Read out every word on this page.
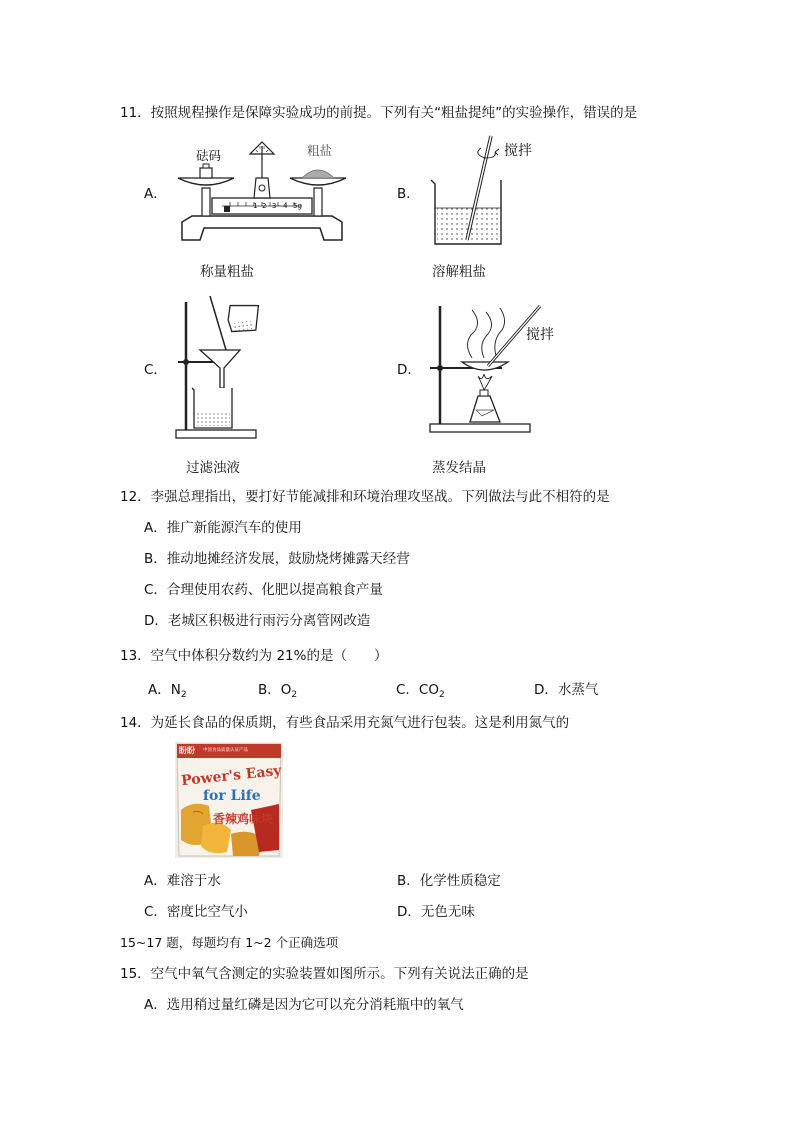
11．按照规程操作是保障实验成功的前提。下列有关“粗盐提纯”的实验操作，错误的是
A．
砝码	粗盐
1 2 3 4 5g
称量粗盐
B．
搅拌
溶解粗盐
C．
过滤浊液
D．
搅拌
蒸发结晶
12．李强总理指出，要打好节能减排和环境治理攻坚战。下列做法与此不相符的是
A．推广新能源汽车的使用
B．推动地摊经济发展，鼓励烧烤摊露天经营
C．合理使用农药、化肥以提高粮食产量
D．老城区积极进行雨污分离管网改造
13．空气中体积分数约为 21%的是（　　）
A．$N_2$	B．$O_2$	C．$CO_2$	D．水蒸气
14．为延长食品的保质期，有些食品采用充氮气进行包装。这是利用氮气的
盼盼 中国食品质量认证产品
Power's Easy
for Life
香辣鸡味块
A．难溶于水	B．化学性质稳定
C．密度比空气小	D．无色无味
15~17 题，每题均有 1~2 个正确选项
15．空气中氧气含测定的实验装置如图所示。下列有关说法正确的是
A．选用稍过量红磷是因为它可以充分消耗瓶中的氧气
